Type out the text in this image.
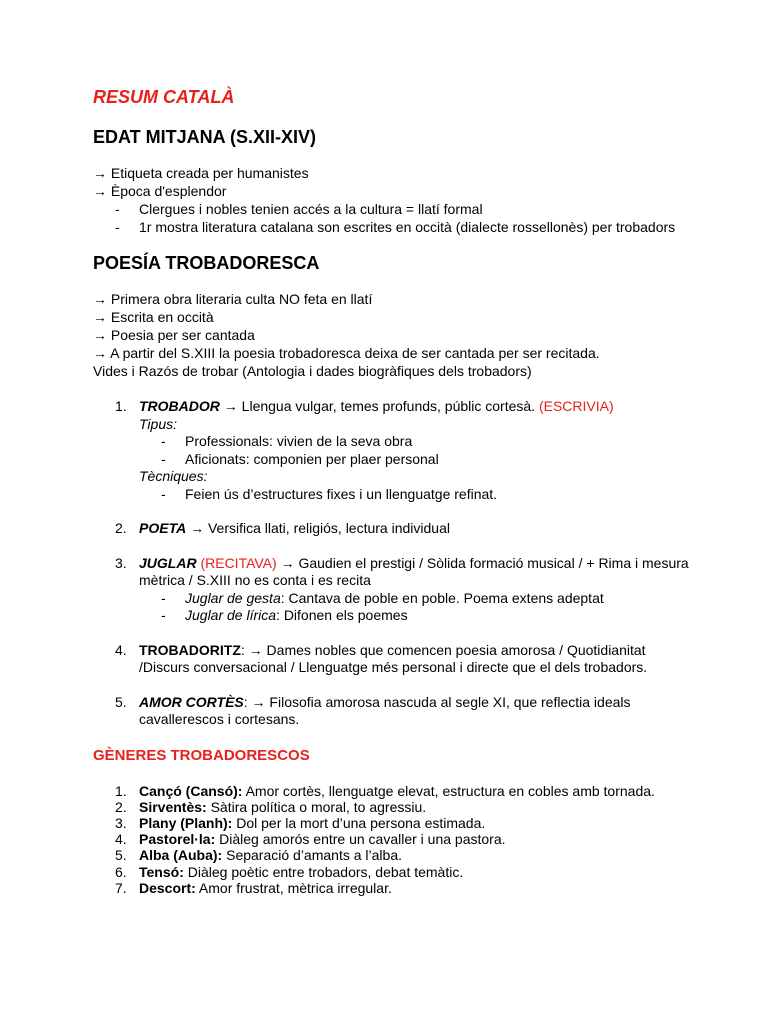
RESUM CATALÀ
EDAT MITJANA (S.XII-XIV)
→ Etiqueta creada per humanistes
→ Època d'esplendor
- Clergues i nobles tenien accés a la cultura = llatí formal
- 1r mostra literatura catalana son escrites en occità (dialecte rossellonès) per trobadors
POESÍA TROBADORESCA
→ Primera obra literaria culta NO feta en llatí
→ Escrita en occità
→ Poesia per ser cantada
→ A partir del S.XIII la poesia trobadoresca deixa de ser cantada per ser recitada.
Vides i Razós de trobar (Antologia i dades biogràfiques dels trobadors)
1. TROBADOR → Llengua vulgar, temes profunds, públic cortesà. (ESCRIVIA)
Tipus:
- Professionals: vivien de la seva obra
- Aficionats: componien per plaer personal
Tècniques:
- Feien ús d’estructures fixes i un llenguatge refinat.
2. POETA → Versifica llati, religiós, lectura individual
3. JUGLAR (RECITAVA) → Gaudien el prestigi / Sòlida formació musical / + Rima i mesura mètrica / S.XIII no es conta i es recita
- Juglar de gesta: Cantava de poble en poble. Poema extens adeptat
- Juglar de lírica: Difonen els poemes
4. TROBADORITZ: → Dames nobles que comencen poesia amorosa / Quotidianitat /Discurs conversacional / Llenguatge més personal i directe que el dels trobadors.
5. AMOR CORTÈS: → Filosofia amorosa nascuda al segle XI, que reflectia ideals cavallerescos i cortesans.
GÈNERES TROBADORESCOS
1. Cançó (Cansó): Amor cortès, llenguatge elevat, estructura en cobles amb tornada.
2. Sirventès: Sàtira política o moral, to agressiu.
3. Plany (Planh): Dol per la mort d’una persona estimada.
4. Pastorel·la: Diàleg amorós entre un cavaller i una pastora.
5. Alba (Auba): Separació d’amants a l’alba.
6. Tensó: Diàleg poètic entre trobadors, debat temàtic.
7. Descort: Amor frustrat, mètrica irregular.
